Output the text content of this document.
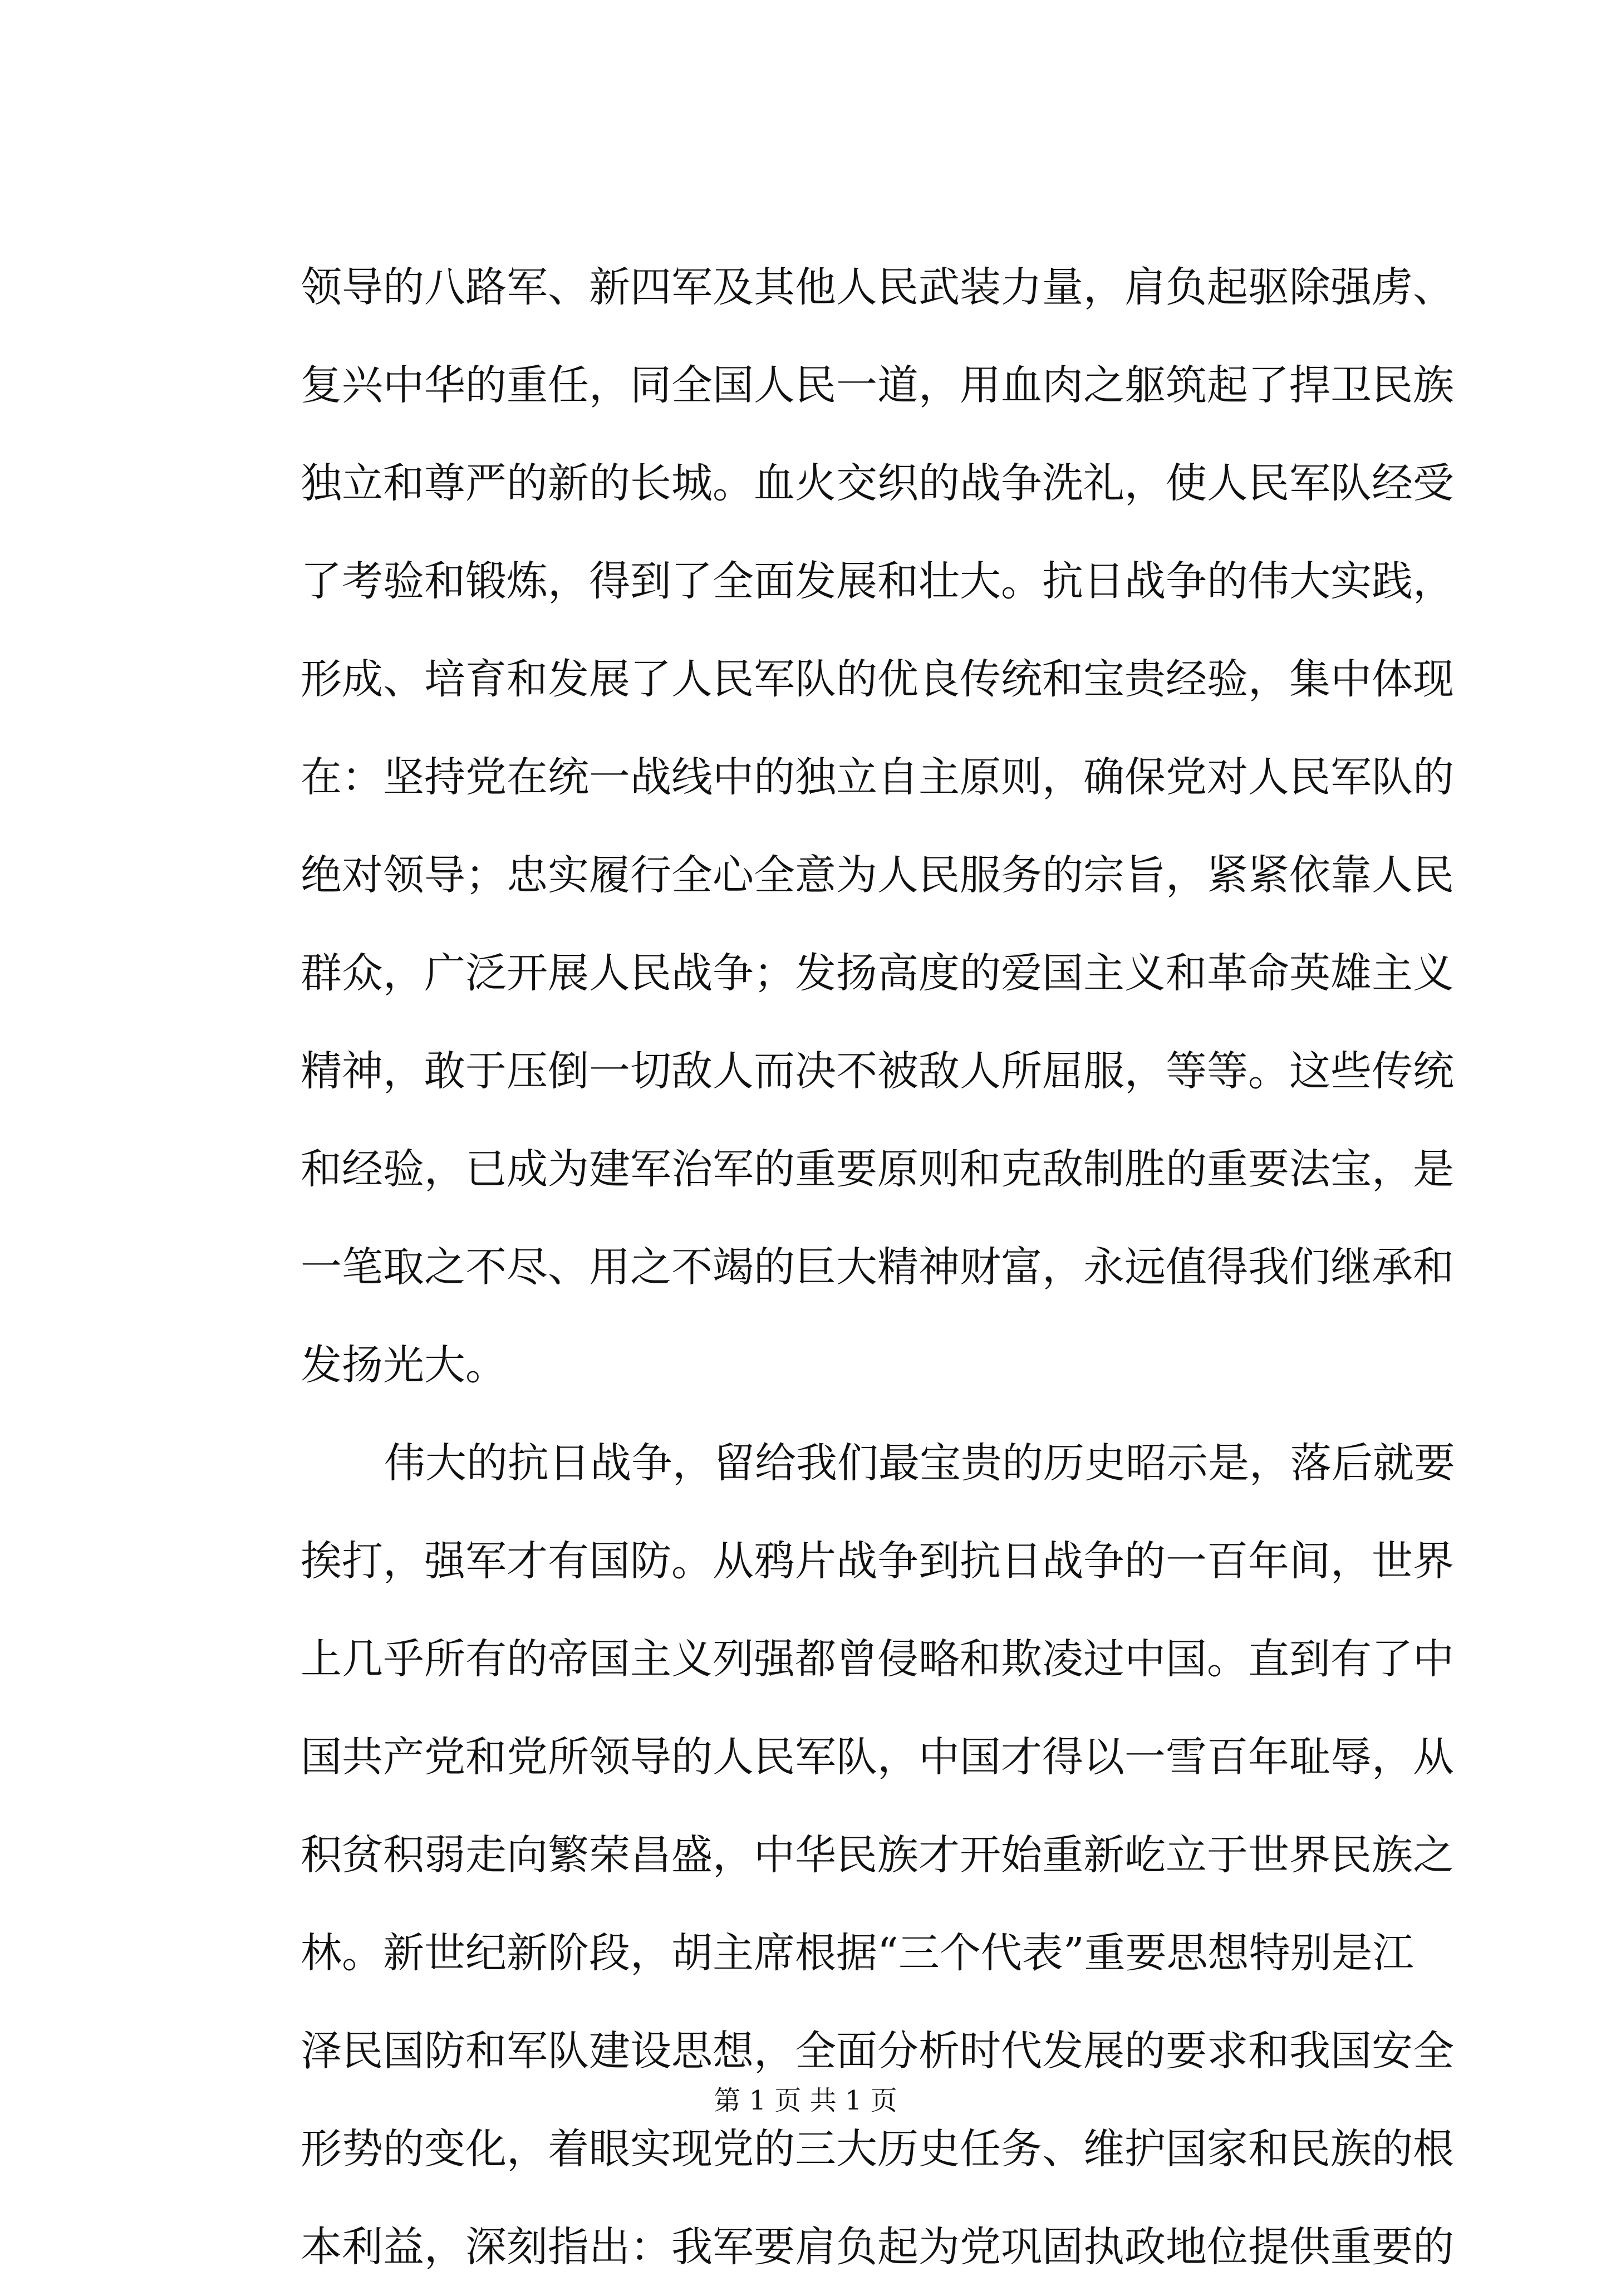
领导的八路军、新四军及其他人民武装力量，肩负起驱除强虏、
复兴中华的重任，同全国人民一道，用血肉之躯筑起了捍卫民族
独立和尊严的新的长城。血火交织的战争洗礼，使人民军队经受
了考验和锻炼，得到了全面发展和壮大。抗日战争的伟大实践，
形成、培育和发展了人民军队的优良传统和宝贵经验，集中体现
在：坚持党在统一战线中的独立自主原则，确保党对人民军队的
绝对领导；忠实履行全心全意为人民服务的宗旨，紧紧依靠人民
群众，广泛开展人民战争；发扬高度的爱国主义和革命英雄主义
精神，敢于压倒一切敌人而决不被敌人所屈服，等等。这些传统
和经验，已成为建军治军的重要原则和克敌制胜的重要法宝，是
一笔取之不尽、用之不竭的巨大精神财富，永远值得我们继承和
发扬光大。
伟大的抗日战争，留给我们最宝贵的历史昭示是，落后就要
挨打，强军才有国防。从鸦片战争到抗日战争的一百年间，世界
上几乎所有的帝国主义列强都曾侵略和欺凌过中国。直到有了中
国共产党和党所领导的人民军队，中国才得以一雪百年耻辱，从
积贫积弱走向繁荣昌盛，中华民族才开始重新屹立于世界民族之
林。新世纪新阶段，胡主席根据“三个代表”重要思想特别是江
泽民国防和军队建设思想，全面分析时代发展的要求和我国安全
形势的变化，着眼实现党的三大历史任务、维护国家和民族的根
本利益，深刻指出：我军要肩负起为党巩固执政地位提供重要的
第 1 页 共 1 页
